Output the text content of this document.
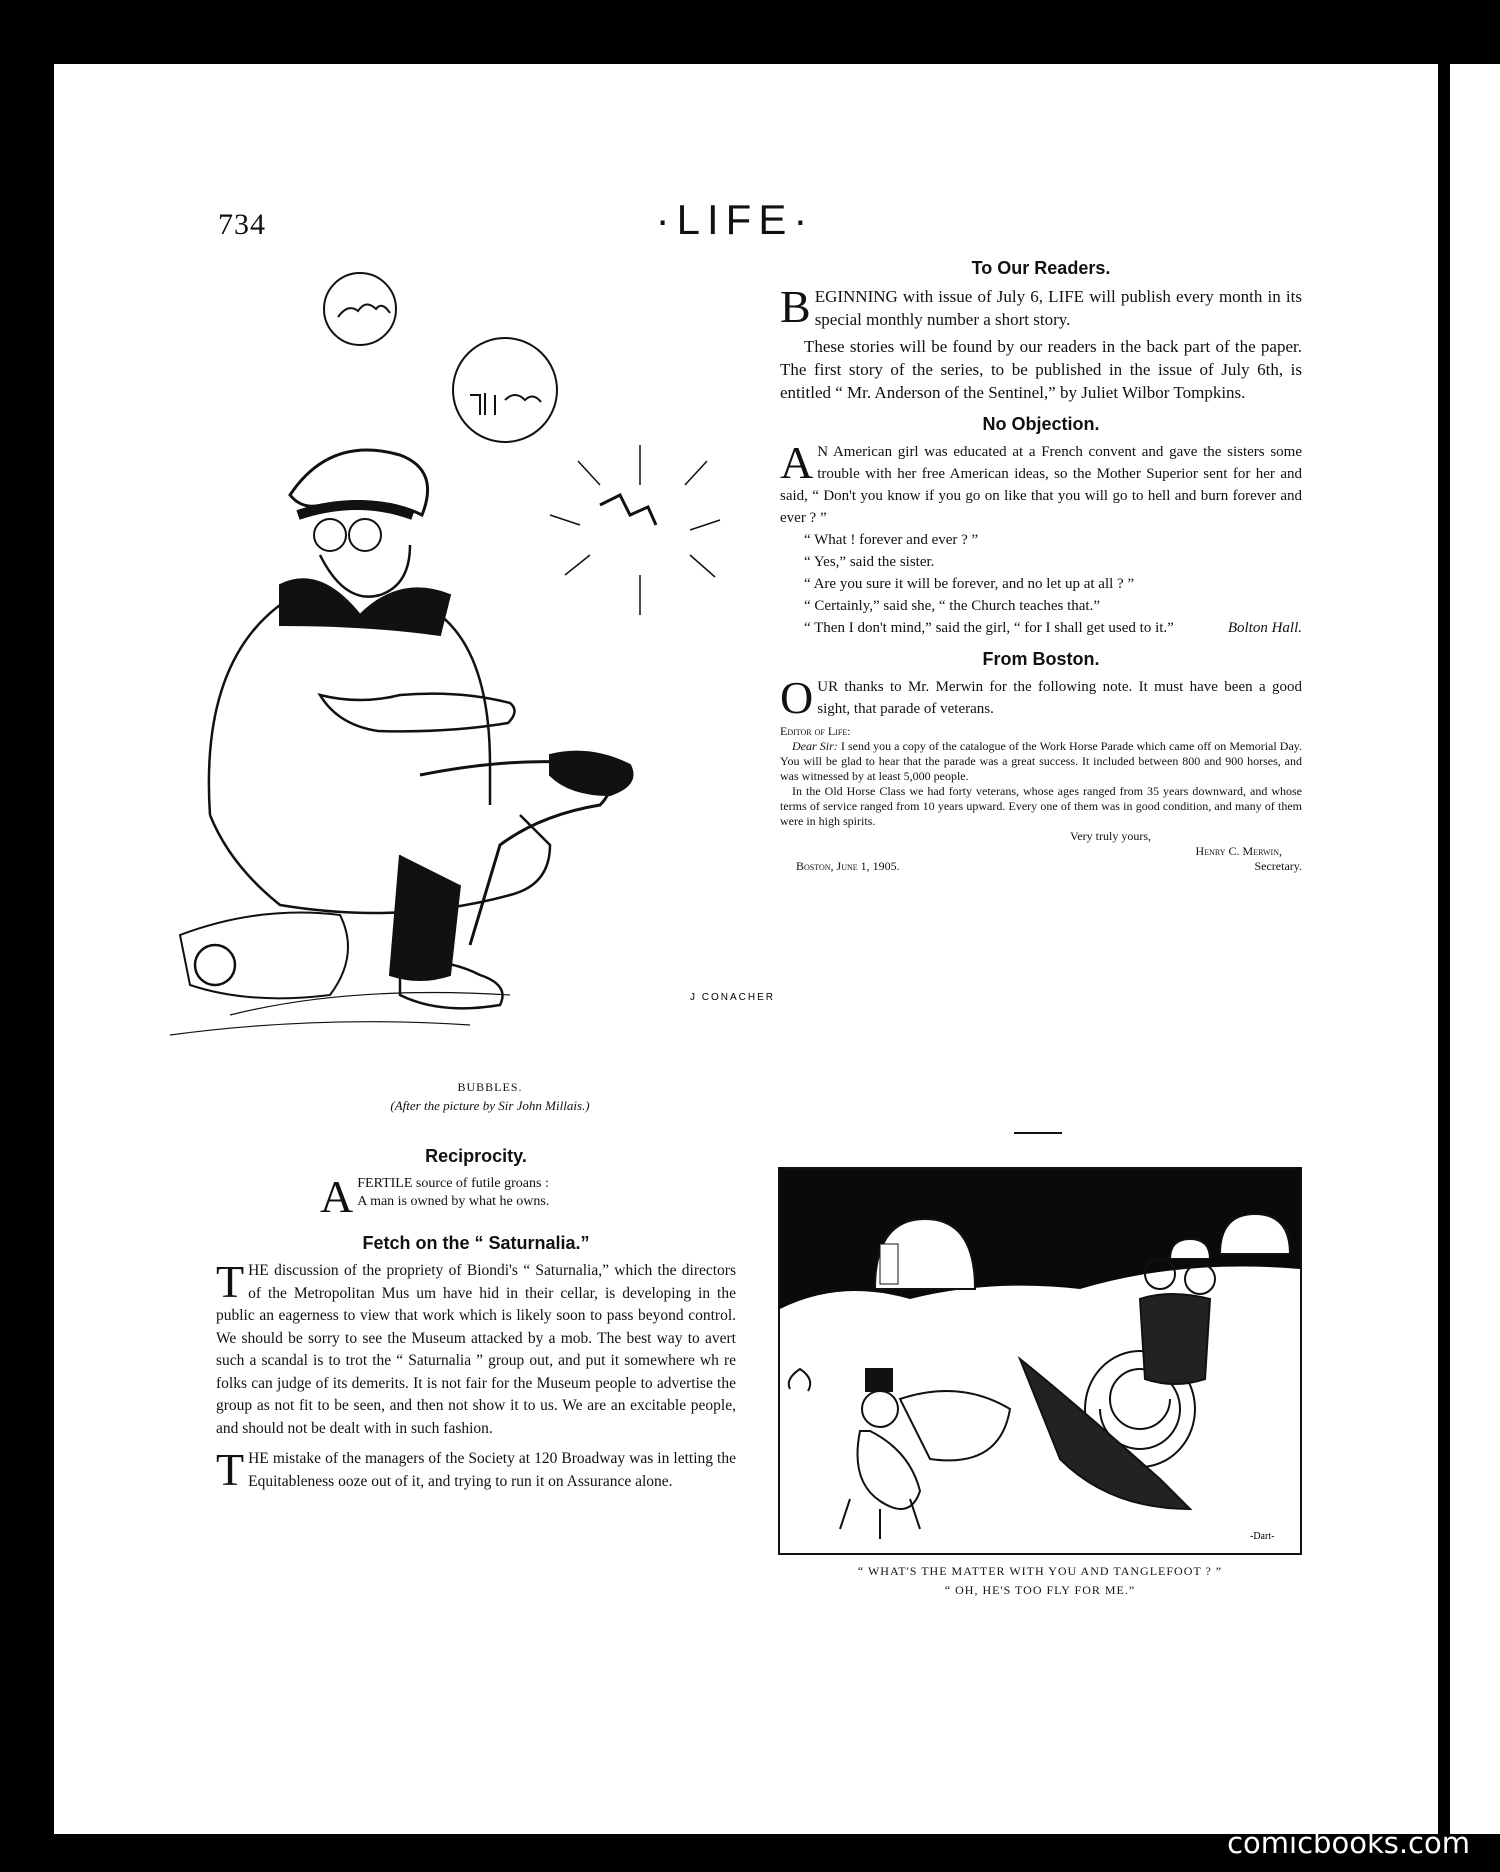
734	·LIFE·
J CONACHER
BUBBLES.
(After the picture by Sir John Millais.)
To Our Readers.

BEGINNING with issue of July 6, LIFE will publish every month in its special monthly number a short story.

These stories will be found by our readers in the back part of the paper. The first story of the series, to be published in the issue of July 6th, is entitled “ Mr. Anderson of the Sentinel,” by Juliet Wilbor Tompkins.

No Objection.

A N American girl was educated at a French convent and gave the sisters some trouble with her free American ideas, so the Mother Superior sent for her and said, “ Don't you know if you go on like that you will go to hell and burn forever and ever ? ”

“ What ! forever and ever ? ”

“ Yes,” said the sister.

“ Are you sure it will be forever, and no let up at all ? ”

“ Certainly,” said she, “ the Church teaches that.”

“ Then I don't mind,” said the girl, “ for I shall get used to it.”	Bolton Hall.

From Boston.

OUR thanks to Mr. Merwin for the following note. It must have been a good sight, that parade of veterans.

Editor of Life:

Dear Sir: I send you a copy of the catalogue of the Work Horse Parade which came off on Memorial Day. You will be glad to hear that the parade was a great success. It included between 800 and 900 horses, and was witnessed by at least 5,000 people.

In the Old Horse Class we had forty veterans, whose ages ranged from 35 years downward, and whose terms of service ranged from 10 years upward. Every one of them was in good condition, and many of them were in high spirits.

Very truly yours,

Henry C. Merwin,

Boston, June 1, 1905.	Secretary.
Reciprocity.
A FERTILE source of futile groans :
A man is owned by what he owns.
Fetch on the “ Saturnalia.”

THE discussion of the propriety of Biondi's “ Saturnalia,” which the directors of the Metropolitan Mus um have hid in their cellar, is developing in the public an eagerness to view that work which is likely soon to pass beyond control. We should be sorry to see the Museum attacked by a mob. The best way to avert such a scandal is to trot the “ Saturnalia ” group out, and put it somewhere wh re folks can judge of its demerits. It is not fair for the Museum people to advertise the group as not fit to be seen, and then not show it to us. We are an excitable people, and should not be dealt with in such fashion.

THE mistake of the managers of the Society at 120 Broadway was in letting the Equitableness ooze out of it, and trying to run it on Assurance alone.

-Dart-
“ WHAT'S THE MATTER WITH YOU AND TANGLEFOOT ? ”
“ OH, HE'S TOO FLY FOR ME.”
comicbooks.com
